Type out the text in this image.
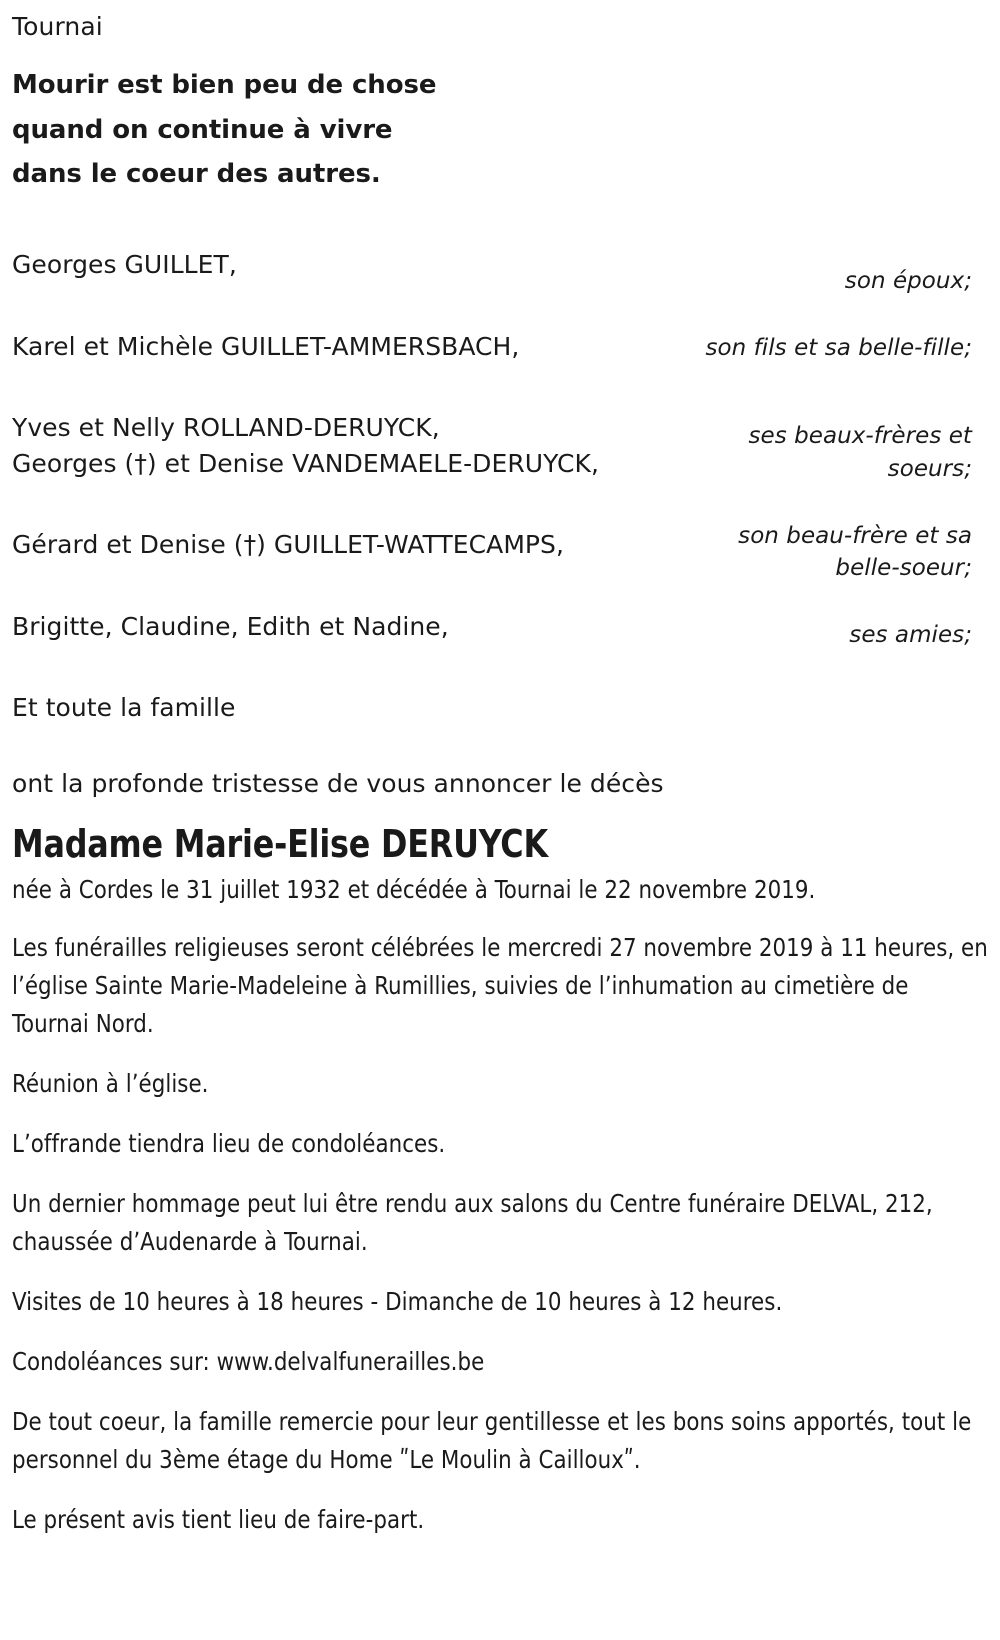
Tournai
Mourir est bien peu de chose
quand on continue à vivre
dans le coeur des autres.
Georges GUILLET,
Karel et Michèle GUILLET-AMMERSBACH,
Yves et Nelly ROLLAND-DERUYCK,
Georges (†) et Denise VANDEMAELE-DERUYCK,
Gérard et Denise (†) GUILLET-WATTECAMPS,
Brigitte, Claudine, Edith et Nadine,
Et toute la famille
son époux;
son fils et sa belle-fille;
ses beaux-frères et soeurs;
son beau-frère et sa belle-soeur;
ses amies;
ont la profonde tristesse de vous annoncer le décès
Madame Marie-Elise DERUYCK
née à Cordes le 31 juillet 1932 et décédée à Tournai le 22 novembre 2019.
Les funérailles religieuses seront célébrées le mercredi 27 novembre 2019 à 11 heures, en lʼéglise Sainte Marie-Madeleine à Rumillies, suivies de lʼinhumation au cimetière de Tournai Nord.
Réunion à lʼéglise.
Lʼoffrande tiendra lieu de condoléances.
Un dernier hommage peut lui être rendu aux salons du Centre funéraire DELVAL, 212, chaussée dʼAudenarde à Tournai.
Visites de 10 heures à 18 heures - Dimanche de 10 heures à 12 heures.
Condoléances sur: www.delvalfunerailles.be
De tout coeur, la famille remercie pour leur gentillesse et les bons soins apportés, tout le personnel du 3ème étage du Home ʺLe Moulin à Caillouxʺ.
Le présent avis tient lieu de faire-part.
